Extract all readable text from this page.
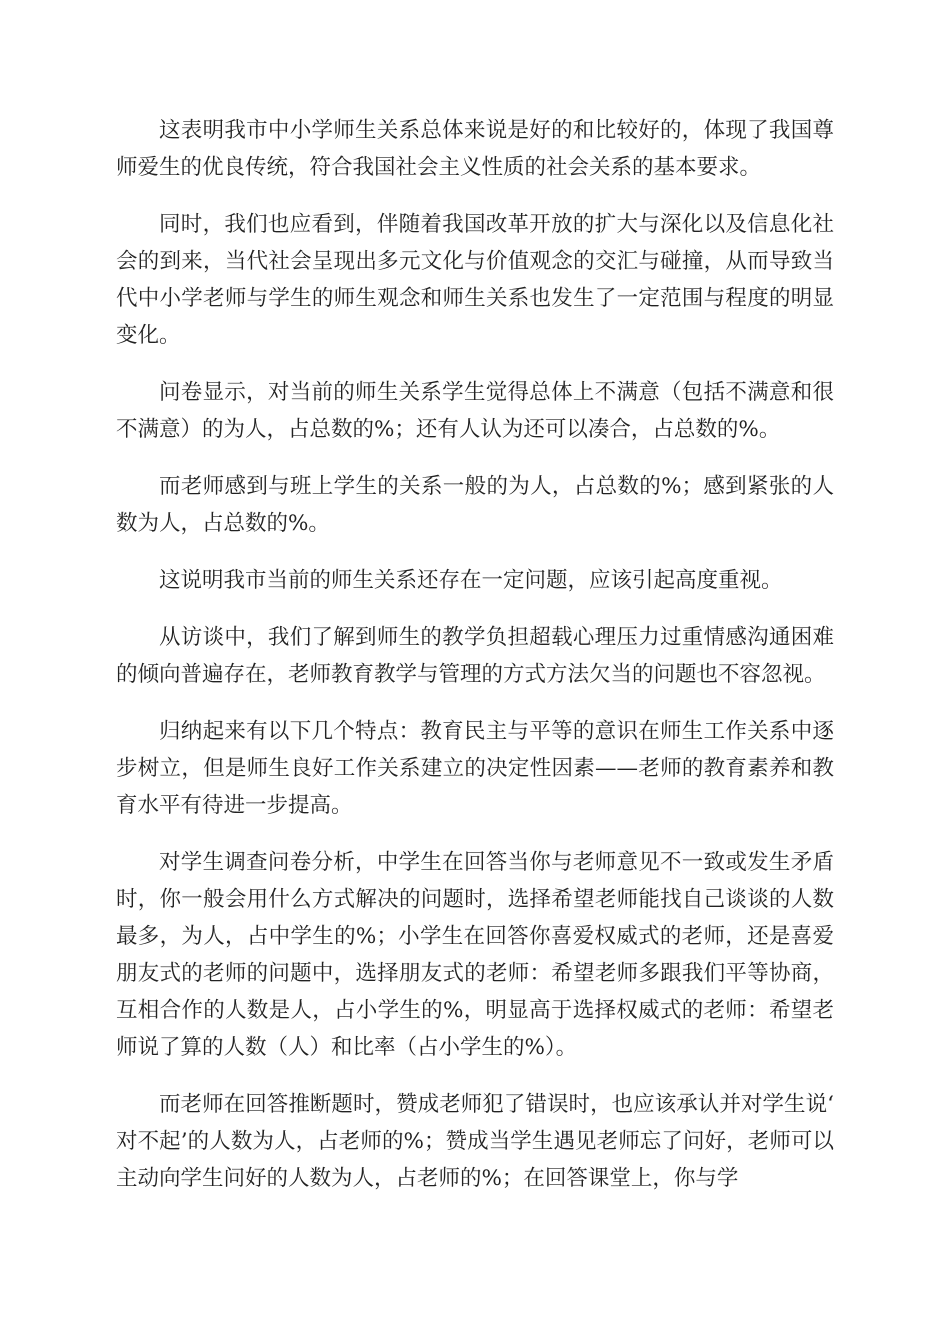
这表明我市中小学师生关系总体来说是好的和比较好的，体现了我国尊师爱生的优良传统，符合我国社会主义性质的社会关系的基本要求。

同时，我们也应看到，伴随着我国改革开放的扩大与深化以及信息化社会的到来，当代社会呈现出多元文化与价值观念的交汇与碰撞，从而导致当代中小学老师与学生的师生观念和师生关系也发生了一定范围与程度的明显变化。

问卷显示，对当前的师生关系学生觉得总体上不满意（包括不满意和很不满意）的为人，占总数的%；还有人认为还可以凑合，占总数的%。

而老师感到与班上学生的关系一般的为人，占总数的%；感到紧张的人数为人，占总数的%。

这说明我市当前的师生关系还存在一定问题，应该引起高度重视。

从访谈中，我们了解到师生的教学负担超载心理压力过重情感沟通困难的倾向普遍存在，老师教育教学与管理的方式方法欠当的问题也不容忽视。

归纳起来有以下几个特点：教育民主与平等的意识在师生工作关系中逐步树立，但是师生良好工作关系建立的决定性因素——老师的教育素养和教育水平有待进一步提高。

对学生调查问卷分析，中学生在回答当你与老师意见不一致或发生矛盾时，你一般会用什么方式解决的问题时，选择希望老师能找自己谈谈的人数最多，为人，占中学生的%；小学生在回答你喜爱权威式的老师，还是喜爱朋友式的老师的问题中，选择朋友式的老师：希望老师多跟我们平等协商，互相合作的人数是人，占小学生的%，明显高于选择权威式的老师：希望老师说了算的人数（人）和比率（占小学生的%）。

而老师在回答推断题时，赞成老师犯了错误时，也应该承认并对学生说‘对不起’的人数为人，占老师的%；赞成当学生遇见老师忘了问好，老师可以主动向学生问好的人数为人，占老师的%；在回答课堂上，你与学
